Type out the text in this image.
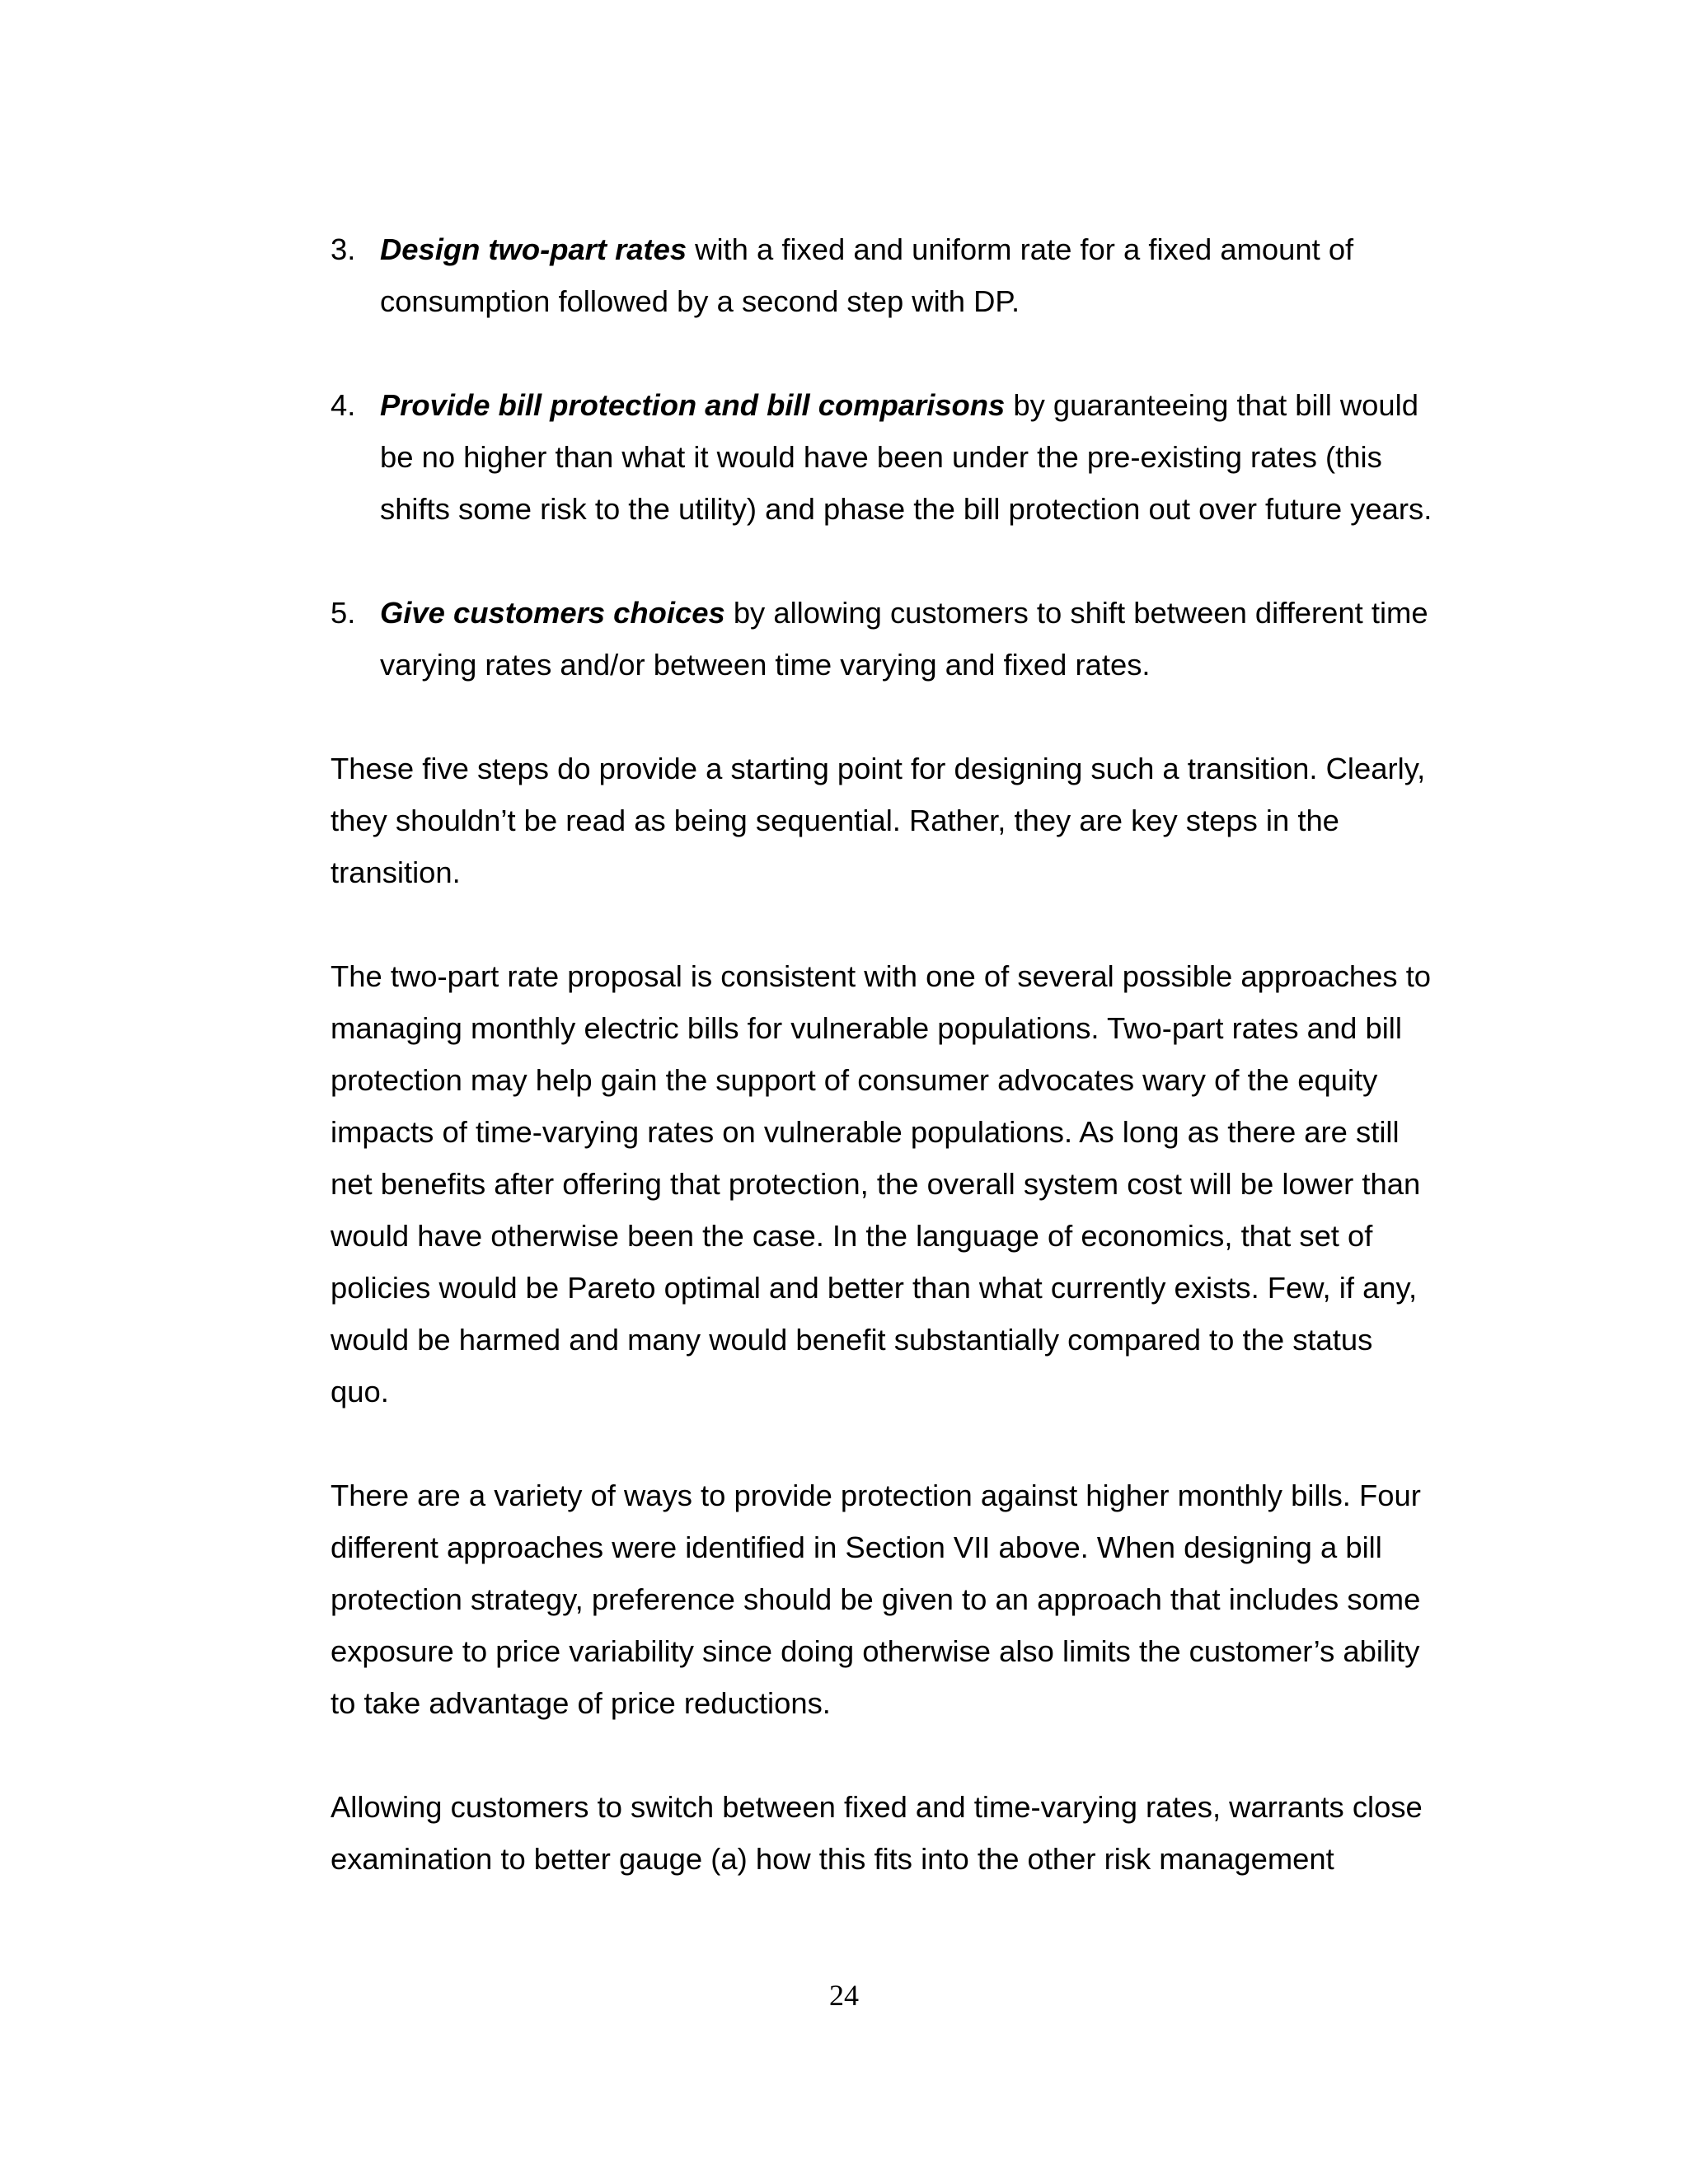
3. Design two-part rates with a fixed and uniform rate for a fixed amount of consumption followed by a second step with DP.
4. Provide bill protection and bill comparisons by guaranteeing that bill would be no higher than what it would have been under the pre-existing rates (this shifts some risk to the utility) and phase the bill protection out over future years.
5. Give customers choices by allowing customers to shift between different time varying rates and/or between time varying and fixed rates.

These five steps do provide a starting point for designing such a transition. Clearly, they shouldn’t be read as being sequential. Rather, they are key steps in the transition.

The two-part rate proposal is consistent with one of several possible approaches to managing monthly electric bills for vulnerable populations. Two-part rates and bill protection may help gain the support of consumer advocates wary of the equity impacts of time-varying rates on vulnerable populations. As long as there are still net benefits after offering that protection, the overall system cost will be lower than would have otherwise been the case. In the language of economics, that set of policies would be Pareto optimal and better than what currently exists. Few, if any, would be harmed and many would benefit substantially compared to the status quo.

There are a variety of ways to provide protection against higher monthly bills. Four different approaches were identified in Section VII above. When designing a bill protection strategy, preference should be given to an approach that includes some exposure to price variability since doing otherwise also limits the customer’s ability to take advantage of price reductions.

Allowing customers to switch between fixed and time-varying rates, warrants close examination to better gauge (a) how this fits into the other risk management

24
